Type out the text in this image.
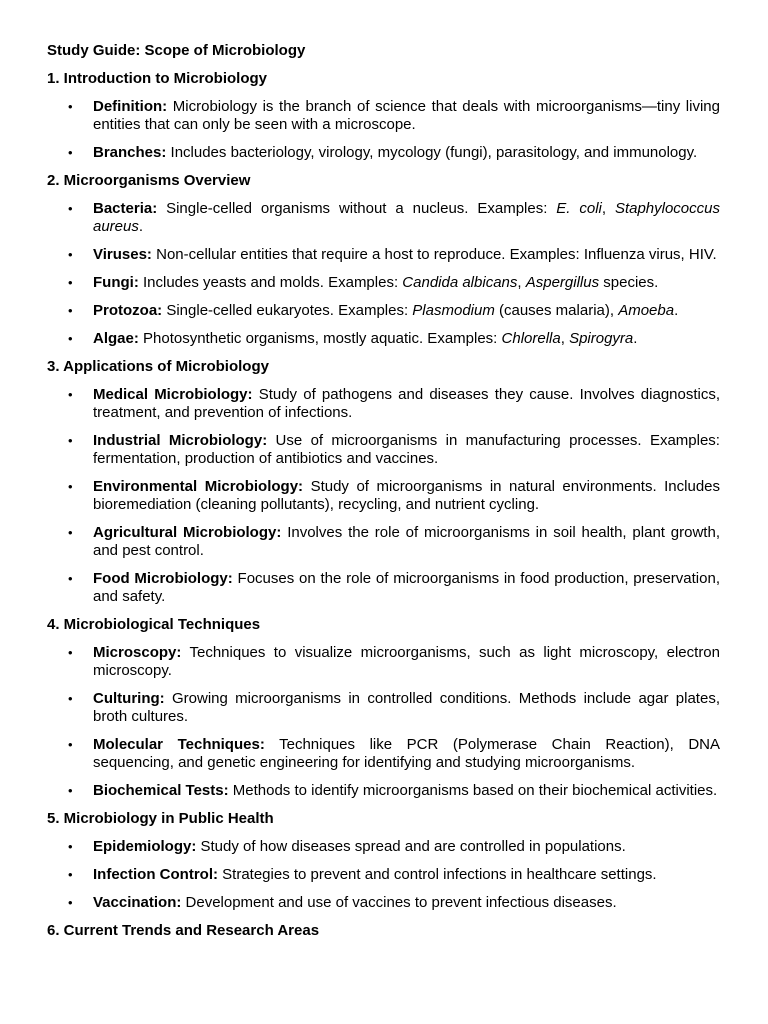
Study Guide: Scope of Microbiology
1. Introduction to Microbiology
• Definition: Microbiology is the branch of science that deals with microorganisms—tiny living entities that can only be seen with a microscope.
• Branches: Includes bacteriology, virology, mycology (fungi), parasitology, and immunology.
2. Microorganisms Overview
• Bacteria: Single-celled organisms without a nucleus. Examples: E. coli, Staphylococcus aureus.
• Viruses: Non-cellular entities that require a host to reproduce. Examples: Influenza virus, HIV.
• Fungi: Includes yeasts and molds. Examples: Candida albicans, Aspergillus species.
• Protozoa: Single-celled eukaryotes. Examples: Plasmodium (causes malaria), Amoeba.
• Algae: Photosynthetic organisms, mostly aquatic. Examples: Chlorella, Spirogyra.
3. Applications of Microbiology
• Medical Microbiology: Study of pathogens and diseases they cause. Involves diagnostics, treatment, and prevention of infections.
• Industrial Microbiology: Use of microorganisms in manufacturing processes. Examples: fermentation, production of antibiotics and vaccines.
• Environmental Microbiology: Study of microorganisms in natural environments. Includes bioremediation (cleaning pollutants), recycling, and nutrient cycling.
• Agricultural Microbiology: Involves the role of microorganisms in soil health, plant growth, and pest control.
• Food Microbiology: Focuses on the role of microorganisms in food production, preservation, and safety.
4. Microbiological Techniques
• Microscopy: Techniques to visualize microorganisms, such as light microscopy, electron microscopy.
• Culturing: Growing microorganisms in controlled conditions. Methods include agar plates, broth cultures.
• Molecular Techniques: Techniques like PCR (Polymerase Chain Reaction), DNA sequencing, and genetic engineering for identifying and studying microorganisms.
• Biochemical Tests: Methods to identify microorganisms based on their biochemical activities.
5. Microbiology in Public Health
• Epidemiology: Study of how diseases spread and are controlled in populations.
• Infection Control: Strategies to prevent and control infections in healthcare settings.
• Vaccination: Development and use of vaccines to prevent infectious diseases.
6. Current Trends and Research Areas
